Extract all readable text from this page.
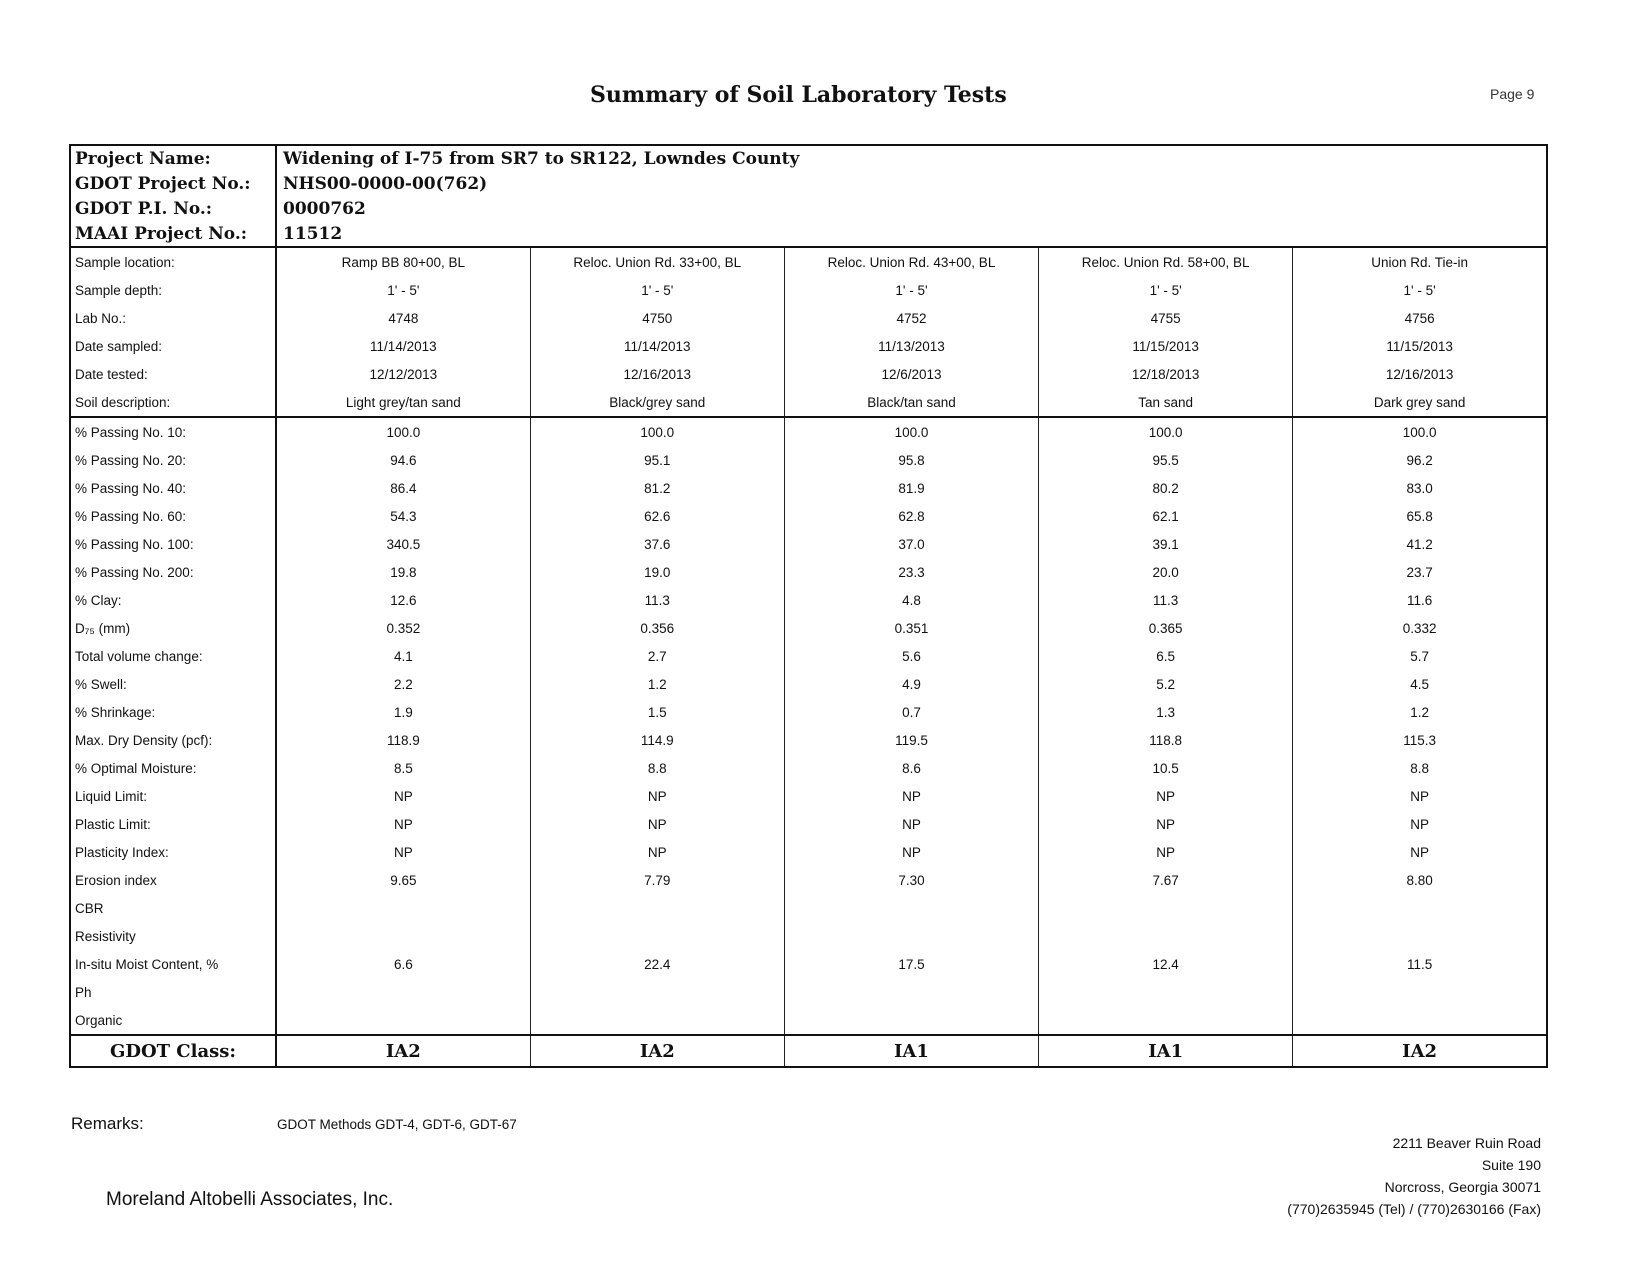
Summary of Soil Laboratory Tests	Page 9
Project Name:	Widening of I-75 from SR7 to SR122, Lowndes County
GDOT Project No.:	NHS00-0000-00(762)
GDOT P.I. No.:	0000762
MAAI Project No.:	11512
Sample location:	Ramp BB 80+00, BL	Reloc. Union Rd. 33+00, BL	Reloc. Union Rd. 43+00, BL	Reloc. Union Rd. 58+00, BL	Union Rd. Tie-in
Sample depth:	1' - 5'	1' - 5'	1' - 5'	1' - 5'	1' - 5'
Lab No.:	4748	4750	4752	4755	4756
Date sampled:	11/14/2013	11/14/2013	11/13/2013	11/15/2013	11/15/2013
Date tested:	12/12/2013	12/16/2013	12/6/2013	12/18/2013	12/16/2013
Soil description:	Light grey/tan sand	Black/grey sand	Black/tan sand	Tan sand	Dark grey sand
% Passing No. 10:	100.0	100.0	100.0	100.0	100.0
% Passing No. 20:	94.6	95.1	95.8	95.5	96.2
% Passing No. 40:	86.4	81.2	81.9	80.2	83.0
% Passing No. 60:	54.3	62.6	62.8	62.1	65.8
% Passing No. 100:	340.5	37.6	37.0	39.1	41.2
% Passing No. 200:	19.8	19.0	23.3	20.0	23.7
% Clay:	12.6	11.3	4.8	11.3	11.6
D₇₅ (mm)	0.352	0.356	0.351	0.365	0.332
Total volume change:	4.1	2.7	5.6	6.5	5.7
% Swell:	2.2	1.2	4.9	5.2	4.5
% Shrinkage:	1.9	1.5	0.7	1.3	1.2
Max. Dry Density (pcf):	118.9	114.9	119.5	118.8	115.3
% Optimal Moisture:	8.5	8.8	8.6	10.5	8.8
Liquid Limit:	NP	NP	NP	NP	NP
Plastic Limit:	NP	NP	NP	NP	NP
Plasticity Index:	NP	NP	NP	NP	NP
Erosion index	9.65	7.79	7.30	7.67	8.80
CBR					
Resistivity					
In-situ Moist Content, %	6.6	22.4	17.5	12.4	11.5
Ph					
Organic					
GDOT Class:	IA2	IA2	IA1	IA1	IA2
Remarks:	GDOT Methods GDT-4, GDT-6, GDT-67
Moreland Altobelli Associates, Inc.
2211 Beaver Ruin Road
Suite 190
Norcross, Georgia 30071
(770)2635945 (Tel) / (770)2630166 (Fax)
